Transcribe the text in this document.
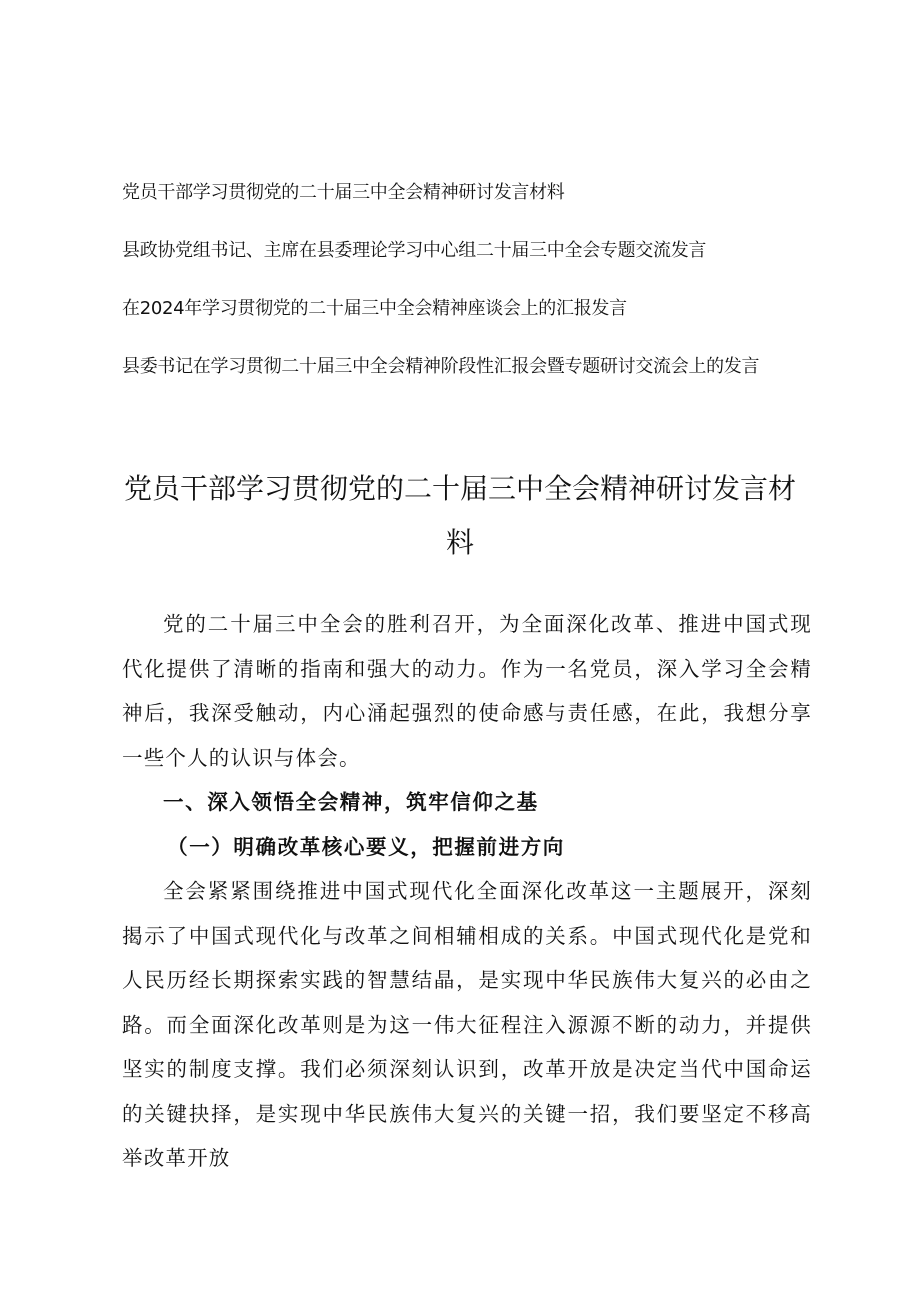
党员干部学习贯彻党的二十届三中全会精神研讨发言材料
县政协党组书记、主席在县委理论学习中心组二十届三中全会专题交流发言
在2024年学习贯彻党的二十届三中全会精神座谈会上的汇报发言
县委书记在学习贯彻二十届三中全会精神阶段性汇报会暨专题研讨交流会上的发言
党员干部学习贯彻党的二十届三中全会精神研讨发言材料

党的二十届三中全会的胜利召开，为全面深化改革、推进中国式现代化提供了清晰的指南和强大的动力。作为一名党员，深入学习全会精神后，我深受触动，内心涌起强烈的使命感与责任感，在此，我想分享一些个人的认识与体会。

一、深入领悟全会精神，筑牢信仰之基

（一）明确改革核心要义，把握前进方向

全会紧紧围绕推进中国式现代化全面深化改革这一主题展开，深刻揭示了中国式现代化与改革之间相辅相成的关系。中国式现代化是党和人民历经长期探索实践的智慧结晶，是实现中华民族伟大复兴的必由之路。而全面深化改革则是为这一伟大征程注入源源不断的动力，并提供坚实的制度支撑。我们必须深刻认识到，改革开放是决定当代中国命运的关键抉择，是实现中华民族伟大复兴的关键一招，我们要坚定不移高举改革开放
